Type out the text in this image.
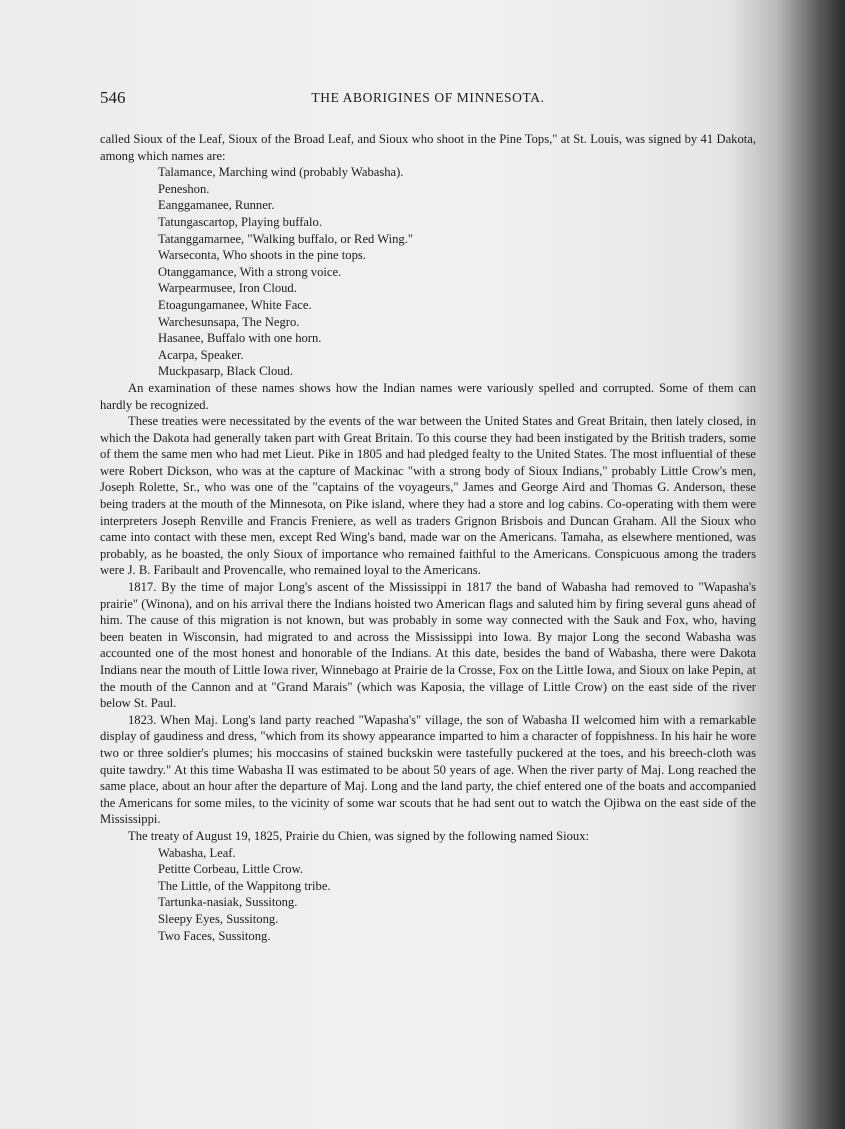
546	THE ABORIGINES OF MINNESOTA.

called Sioux of the Leaf, Sioux of the Broad Leaf, and Sioux who shoot in the Pine Tops," at St. Louis, was signed by 41 Dakota, among which names are:

Talamance, Marching wind (probably Wabasha).
Peneshon.
Eanggamanee, Runner.
Tatungascartop, Playing buffalo.
Tatanggamarnee, "Walking buffalo, or Red Wing."
Warseconta, Who shoots in the pine tops.
Otanggamance, With a strong voice.
Warpearmusee, Iron Cloud.
Etoagungamanee, White Face.
Warchesunsapa, The Negro.
Hasanee, Buffalo with one horn.
Acarpa, Speaker.
Muckpasarp, Black Cloud.

An examination of these names shows how the Indian names were variously spelled and corrupted. Some of them can hardly be recognized.

These treaties were necessitated by the events of the war between the United States and Great Britain, then lately closed, in which the Dakota had generally taken part with Great Britain. To this course they had been instigated by the British traders, some of them the same men who had met Lieut. Pike in 1805 and had pledged fealty to the United States. The most influential of these were Robert Dickson, who was at the capture of Mackinac "with a strong body of Sioux Indians," probably Little Crow's men, Joseph Rolette, Sr., who was one of the "captains of the voyageurs," James and George Aird and Thomas G. Anderson, these being traders at the mouth of the Minnesota, on Pike island, where they had a store and log cabins. Co-operating with them were interpreters Joseph Renville and Francis Freniere, as well as traders Grignon Brisbois and Duncan Graham. All the Sioux who came into contact with these men, except Red Wing's band, made war on the Americans. Tamaha, as elsewhere mentioned, was probably, as he boasted, the only Sioux of importance who remained faithful to the Americans. Conspicuous among the traders were J. B. Faribault and Provencalle, who remained loyal to the Americans.

1817. By the time of major Long's ascent of the Mississippi in 1817 the band of Wabasha had removed to "Wapasha's prairie" (Winona), and on his arrival there the Indians hoisted two American flags and saluted him by firing several guns ahead of him. The cause of this migration is not known, but was probably in some way connected with the Sauk and Fox, who, having been beaten in Wisconsin, had migrated to and across the Mississippi into Iowa. By major Long the second Wabasha was accounted one of the most honest and honorable of the Indians. At this date, besides the band of Wabasha, there were Dakota Indians near the mouth of Little Iowa river, Winnebago at Prairie de la Crosse, Fox on the Little Iowa, and Sioux on lake Pepin, at the mouth of the Cannon and at "Grand Marais" (which was Kaposia, the village of Little Crow) on the east side of the river below St. Paul.

1823. When Maj. Long's land party reached "Wapasha's" village, the son of Wabasha II welcomed him with a remarkable display of gaudiness and dress, "which from its showy appearance imparted to him a character of foppishness. In his hair he wore two or three soldier's plumes; his moccasins of stained buckskin were tastefully puckered at the toes, and his breech-cloth was quite tawdry." At this time Wabasha II was estimated to be about 50 years of age. When the river party of Maj. Long reached the same place, about an hour after the departure of Maj. Long and the land party, the chief entered one of the boats and accompanied the Americans for some miles, to the vicinity of some war scouts that he had sent out to watch the Ojibwa on the east side of the Mississippi.

The treaty of August 19, 1825, Prairie du Chien, was signed by the following named Sioux:

Wabasha, Leaf.
Petitte Corbeau, Little Crow.
The Little, of the Wappitong tribe.
Tartunka-nasiak, Sussitong.
Sleepy Eyes, Sussitong.
Two Faces, Sussitong.
